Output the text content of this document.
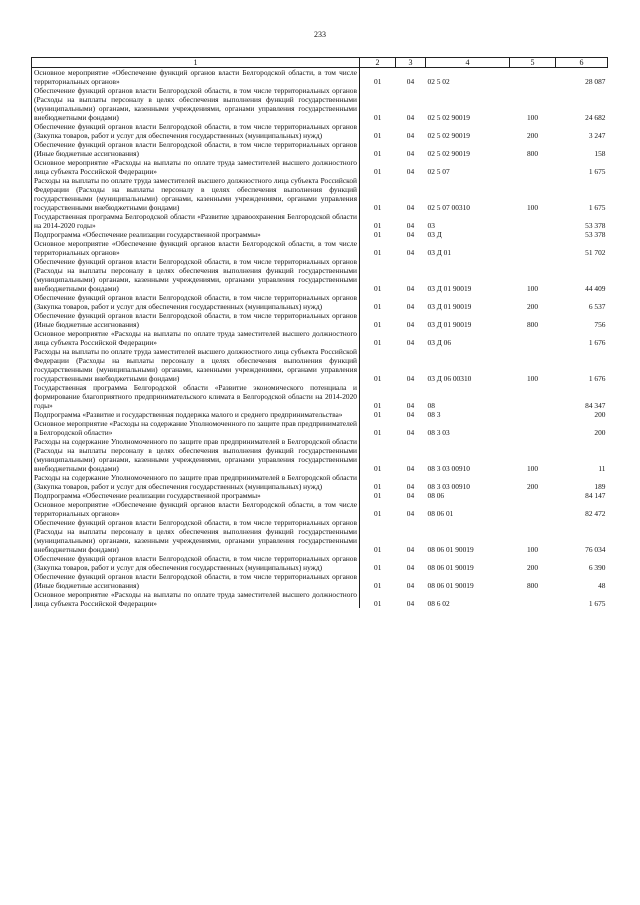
233
1	2	3	4	5	6
Основное мероприятие «Обеспечение функций органов власти Белгородской области, в том числе территориальных органов»	01	04	02 5 02		28 087
Обеспечение функций органов власти Белгородской области, в том числе территориальных органов (Расходы на выплаты персоналу в целях обеспечения выполнения функций государственными (муниципальными) органами, казенными учреждениями, органами управления государственными внебюджетными фондами)	01	04	02 5 02 90019	100	24 682
Обеспечение функций органов власти Белгородской области, в том числе территориальных органов (Закупка товаров, работ и услуг для обеспечения государственных (муниципальных) нужд)	01	04	02 5 02 90019	200	3 247
Обеспечение функций органов власти Белгородской области, в том числе территориальных органов (Иные бюджетные ассигнования)	01	04	02 5 02 90019	800	158
Основное мероприятие «Расходы на выплаты по оплате труда заместителей высшего должностного лица субъекта Российской Федерации»	01	04	02 5 07		1 675
Расходы на выплаты по оплате труда заместителей высшего должностного лица субъекта Российской Федерации (Расходы на выплаты персоналу в целях обеспечения выполнения функций государственными (муниципальными) органами, казенными учреждениями, органами управления государственными внебюджетными фондами)	01	04	02 5 07 00310	100	1 675
Государственная программа Белгородской области «Развитие здравоохранения Белгородской области на 2014-2020 годы»	01	04	03		53 378
Подпрограмма «Обеспечение реализации государственной программы»	01	04	03 Д		53 378
Основное мероприятие «Обеспечение функций органов власти Белгородской области, в том числе территориальных органов»	01	04	03 Д 01		51 702
Обеспечение функций органов власти Белгородской области, в том числе территориальных органов (Расходы на выплаты персоналу в целях обеспечения выполнения функций государственными (муниципальными) органами, казенными учреждениями, органами управления государственными внебюджетными фондами)	01	04	03 Д 01 90019	100	44 409
Обеспечение функций органов власти Белгородской области, в том числе территориальных органов (Закупка товаров, работ и услуг для обеспечения государственных (муниципальных) нужд)	01	04	03 Д 01 90019	200	6 537
Обеспечение функций органов власти Белгородской области, в том числе территориальных органов (Иные бюджетные ассигнования)	01	04	03 Д 01 90019	800	756
Основное мероприятие «Расходы на выплаты по оплате труда заместителей высшего должностного лица субъекта Российской Федерации»	01	04	03 Д 06		1 676
Расходы на выплаты по оплате труда заместителей высшего должностного лица субъекта Российской Федерации (Расходы на выплаты персоналу в целях обеспечения выполнения функций государственными (муниципальными) органами, казенными учреждениями, органами управления государственными внебюджетными фондами)	01	04	03 Д 06 00310	100	1 676
Государственная программа Белгородской области «Развитие экономического потенциала и формирование благоприятного предпринимательского климата в Белгородской области на 2014-2020 годы»	01	04	08		84 347
Подпрограмма «Развитие и государственная поддержка малого и среднего предпринимательства»	01	04	08 3		200
Основное мероприятие «Расходы на содержание Уполномоченного по защите прав предпринимателей в Белгородской области»	01	04	08 3 03		200
Расходы на содержание Уполномоченного по защите прав предпринимателей в Белгородской области (Расходы на выплаты персоналу в целях обеспечения выполнения функций государственными (муниципальными) органами, казенными учреждениями, органами управления государственными внебюджетными фондами)	01	04	08 3 03 00910	100	11
Расходы на содержание Уполномоченного по защите прав предпринимателей в Белгородской области (Закупка товаров, работ и услуг для обеспечения государственных (муниципальных) нужд)	01	04	08 3 03 00910	200	189
Подпрограмма «Обеспечение реализации государственной программы»	01	04	08 06		84 147
Основное мероприятие «Обеспечение функций органов власти Белгородской области, в том числе территориальных органов»	01	04	08 06 01		82 472
Обеспечение функций органов власти Белгородской области, в том числе территориальных органов (Расходы на выплаты персоналу в целях обеспечения выполнения функций государственными (муниципальными) органами, казенными учреждениями, органами управления государственными внебюджетными фондами)	01	04	08 06 01 90019	100	76 034
Обеспечение функций органов власти Белгородской области, в том числе территориальных органов (Закупка товаров, работ и услуг для обеспечения государственных (муниципальных) нужд)	01	04	08 06 01 90019	200	6 390
Обеспечение функций органов власти Белгородской области, в том числе территориальных органов (Иные бюджетные ассигнования)	01	04	08 06 01 90019	800	48
Основное мероприятие «Расходы на выплаты по оплате труда заместителей высшего должностного лица субъекта Российской Федерации»	01	04	08 6 02		1 675
